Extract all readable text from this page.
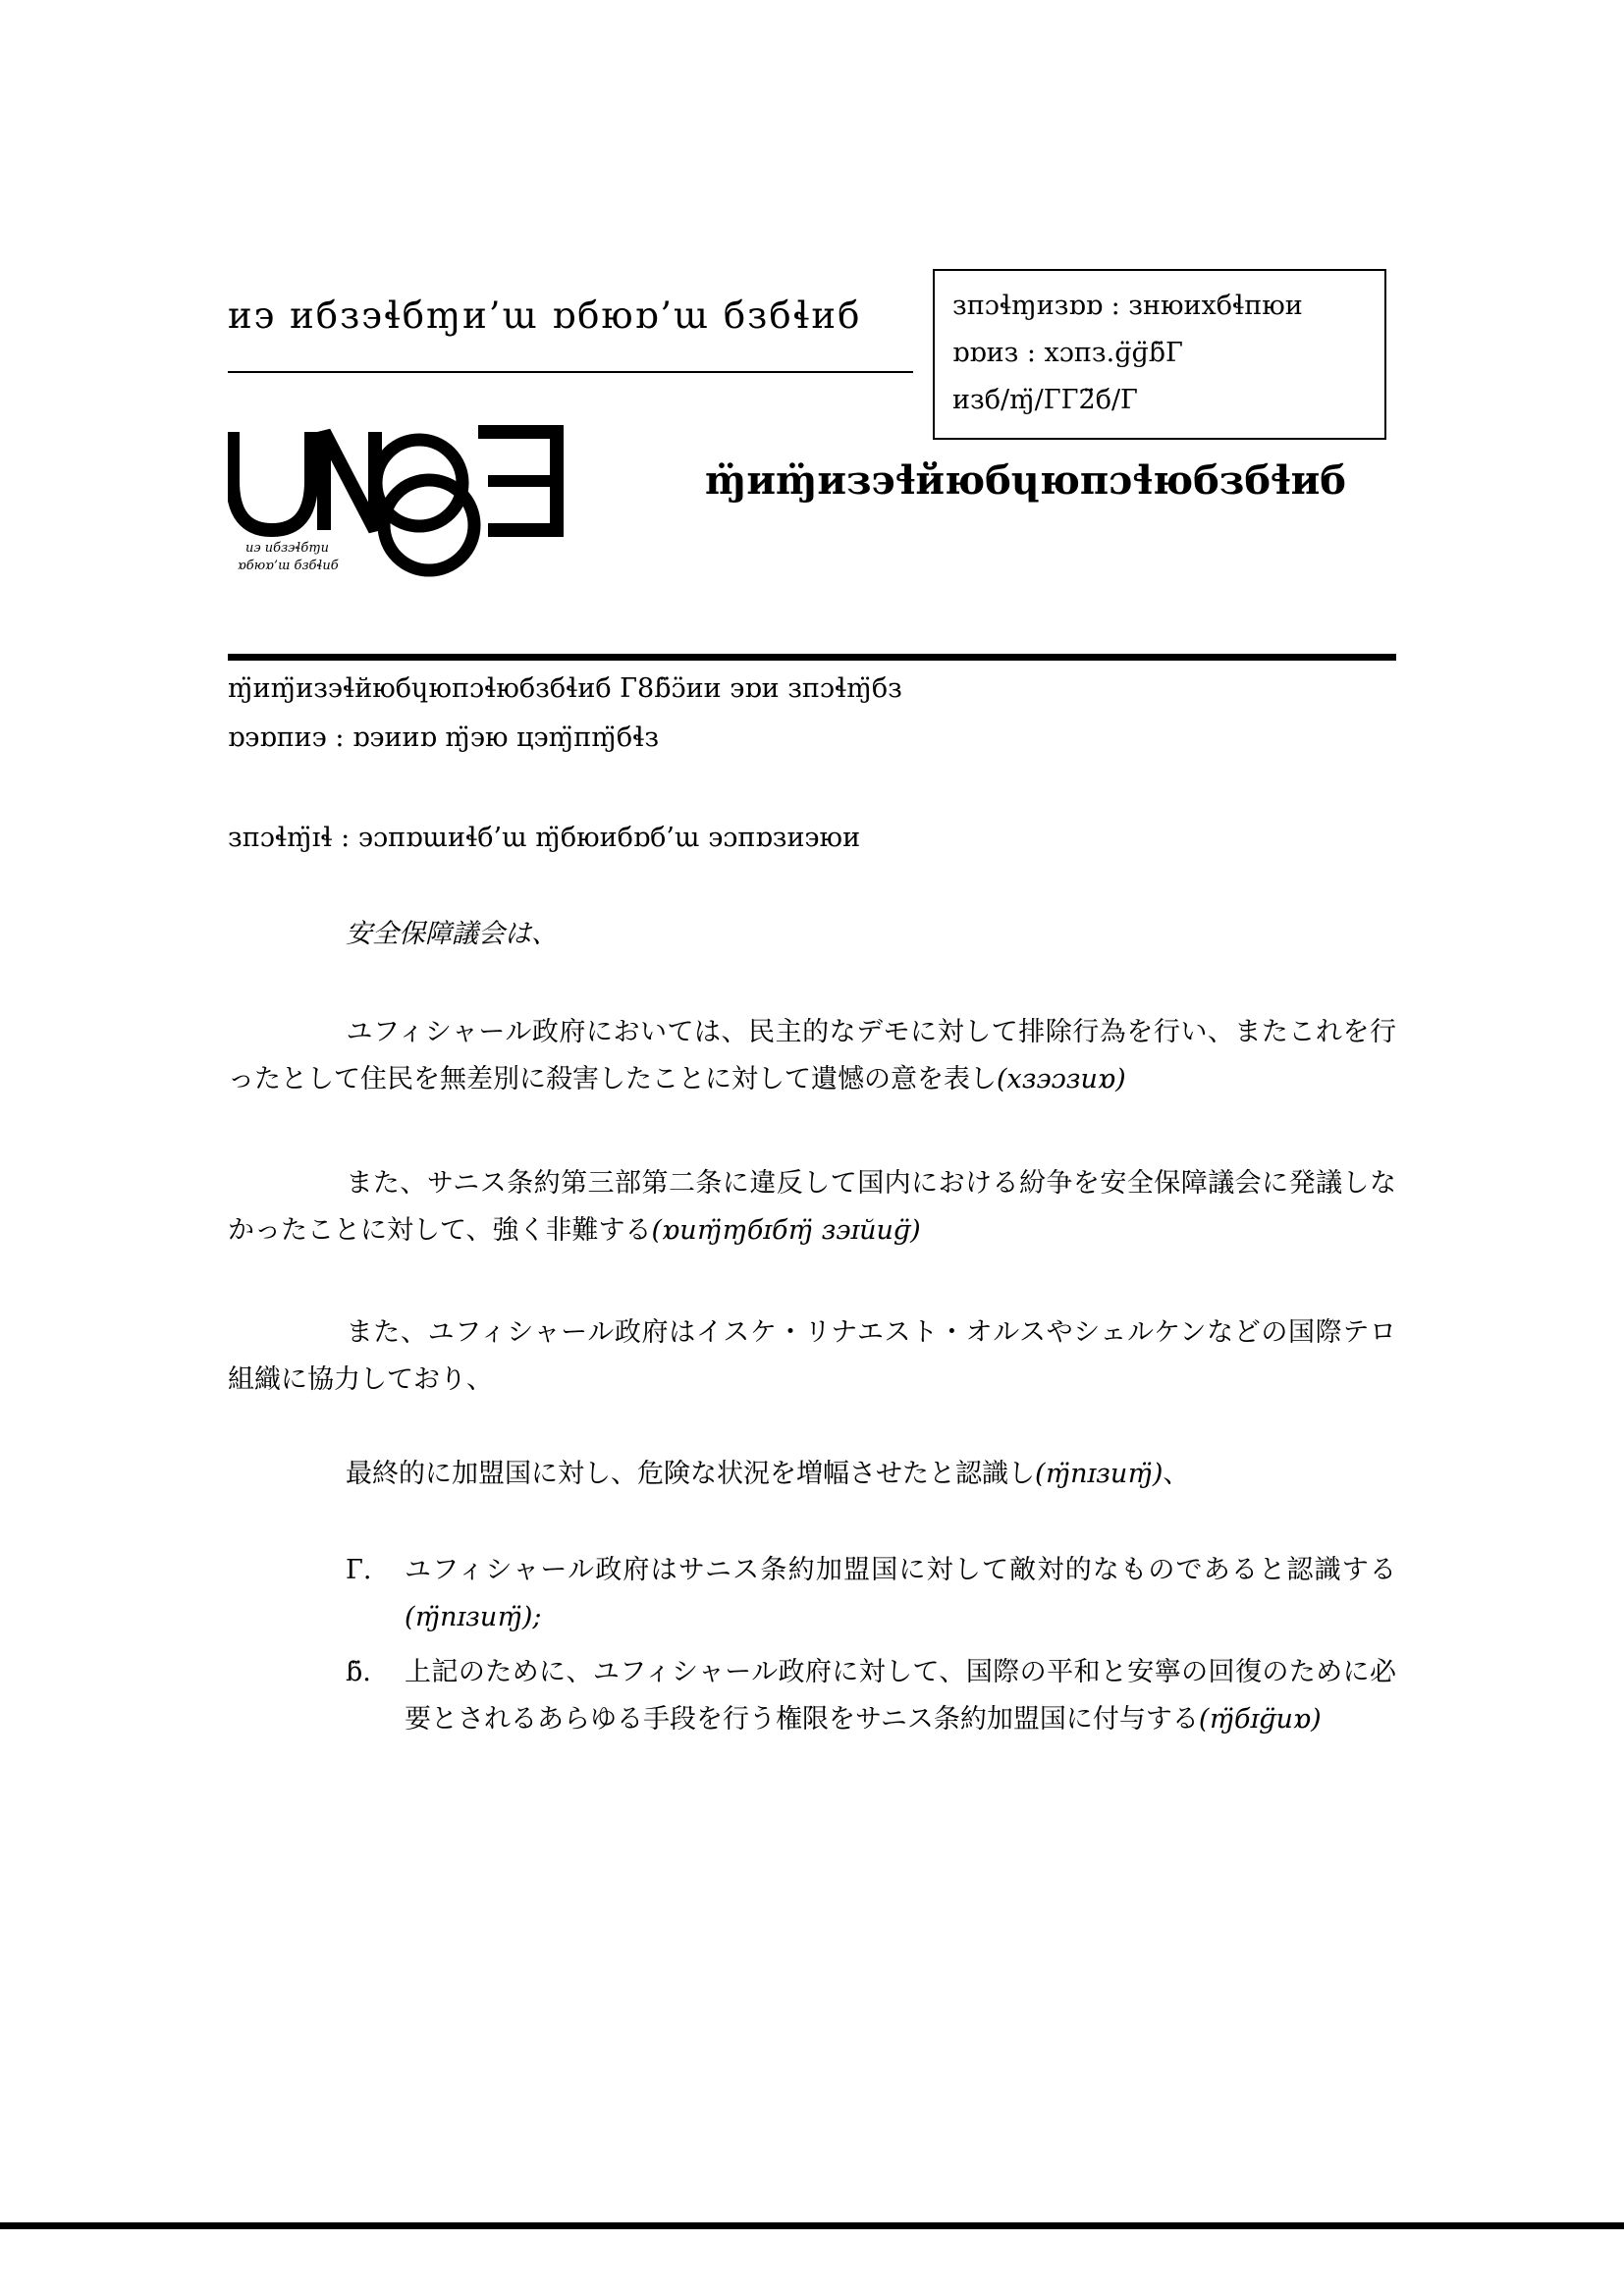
иэ ибзэɬбɱи’ɯ ɒбюɒ’ɯ бзбɬиб	зпɔɬɱизɒɒ : знюихбɬпюи
ɒɒиз : хɔпз.ɡ̈ɡ̈ɓ̈Г
изб/ɱ̈/ГГ2̈б/Г
иэ ибзэɬбɱи
ɒбюɒ’ɯ бзбɬиб
ɱ̈иɱ̈изэɬйюбɥюпɔɬюбзбɬиб
ɱ̈иɱ̈изэɬйюбɥюпɔɬюбзбɬиб Г8ɓ̈ɔ̈ии эɒи зпɔɬɱ̈бз
ɒэɒпиэ : ɒэииɒ ɱ̈эю цэɱ̈пɱ̈бɬз
зпɔɬɱ̈ɪɬ : эɔпɒɯиɬб’ɯ ɱ̈бюибɒб’ɯ эɔпɒзиэюи
安全保障議会は、
ユフィシャール政府においては、民主的なデモに対して排除行為を行い、またこれを行ったとして住民を無差別に殺害したことに対して遺憾の意を表し(хзэɔзиɒ)
また、サニス条約第三部第二条に違反して国内における紛争を安全保障議会に発議しなかったことに対して、強く非難する(ɒиɱ̈ɱбɪбɱ̈ зэɪйиɡ̈)
また、ユフィシャール政府はイスケ・リナエスト・オルスやシェルケンなどの国際テロ組織に協力しており、
最終的に加盟国に対し、危険な状況を増幅させたと認識し(ɱ̈пɪзиɱ̈)、
Г. ユフィシャール政府はサニス条約加盟国に対して敵対的なものであると認識する(ɱ̈пɪзиɱ̈);
ɓ̈. 上記のために、ユフィシャール政府に対して、国際の平和と安寧の回復のために必要とされるあらゆる手段を行う権限をサニス条約加盟国に付与する(ɱ̈бɪɡ̈иɒ)
